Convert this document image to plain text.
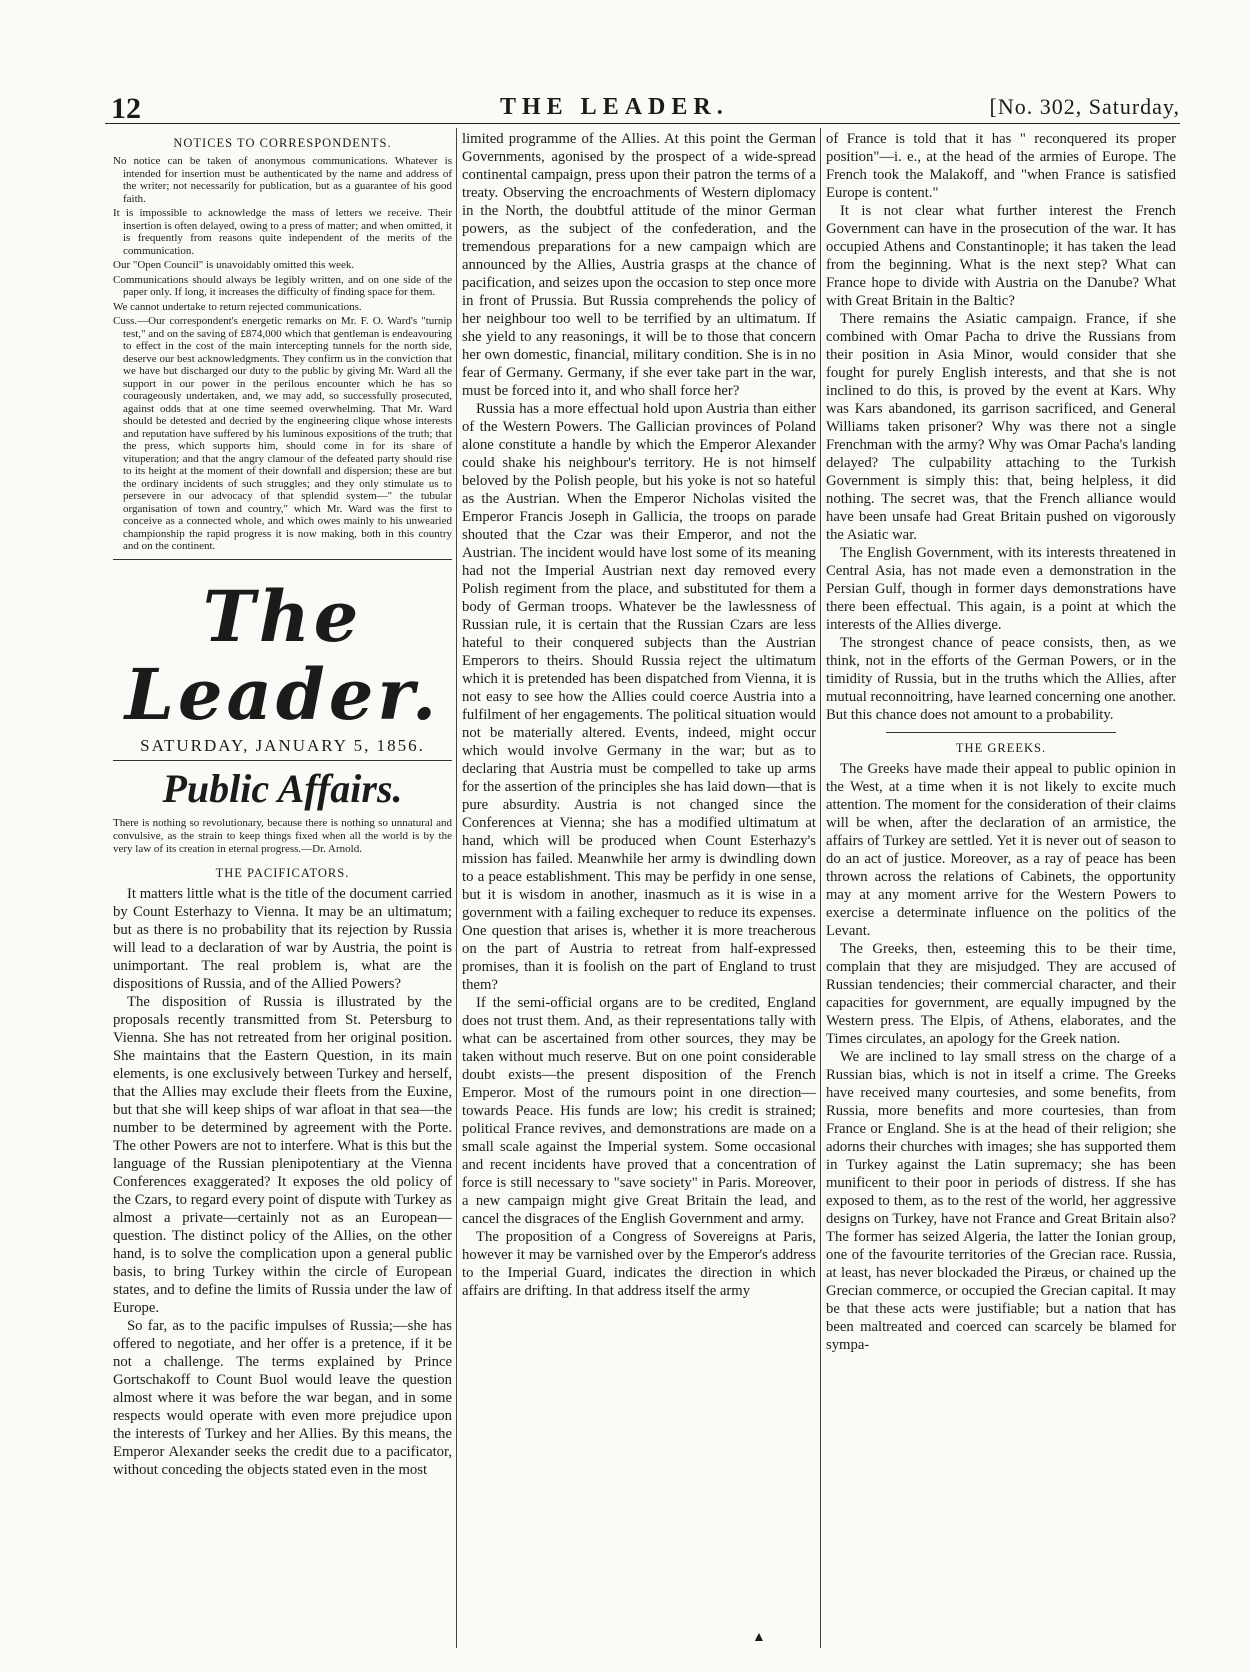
12	THE LEADER.	[No. 302, Saturday,
NOTICES TO CORRESPONDENTS.

No notice can be taken of anonymous communications. Whatever is intended for insertion must be authenticated by the name and address of the writer; not necessarily for publication, but as a guarantee of his good faith.

It is impossible to acknowledge the mass of letters we receive. Their insertion is often delayed, owing to a press of matter; and when omitted, it is frequently from reasons quite independent of the merits of the communication.

Our "Open Council" is unavoidably omitted this week.

Communications should always be legibly written, and on one side of the paper only. If long, it increases the difficulty of finding space for them.

We cannot undertake to return rejected communications.

Cuss.—Our correspondent's energetic remarks on Mr. F. O. Ward's "turnip test," and on the saving of £874,000 which that gentleman is endeavouring to effect in the cost of the main intercepting tunnels for the north side, deserve our best acknowledgments. They confirm us in the conviction that we have but discharged our duty to the public by giving Mr. Ward all the support in our power in the perilous encounter which he has so courageously undertaken, and, we may add, so successfully prosecuted, against odds that at one time seemed overwhelming. That Mr. Ward should be detested and decried by the engineering clique whose interests and reputation have suffered by his luminous expositions of the truth; that the press, which supports him, should come in for its share of vituperation; and that the angry clamour of the defeated party should rise to its height at the moment of their downfall and dispersion; these are but the ordinary incidents of such struggles; and they only stimulate us to persevere in our advocacy of that splendid system—" the tubular organisation of town and country," which Mr. Ward was the first to conceive as a connected whole, and which owes mainly to his unwearied championship the rapid progress it is now making, both in this country and on the continent.

The Leader.
SATURDAY, JANUARY 5, 1856.
Public Affairs.

There is nothing so revolutionary, because there is nothing so unnatural and convulsive, as the strain to keep things fixed when all the world is by the very law of its creation in eternal progress.—Dr. Arnold.

THE PACIFICATORS.

It matters little what is the title of the document carried by Count Esterhazy to Vienna. It may be an ultimatum; but as there is no probability that its rejection by Russia will lead to a declaration of war by Austria, the point is unimportant. The real problem is, what are the dispositions of Russia, and of the Allied Powers?

The disposition of Russia is illustrated by the proposals recently transmitted from St. Petersburg to Vienna. She has not retreated from her original position. She maintains that the Eastern Question, in its main elements, is one exclusively between Turkey and herself, that the Allies may exclude their fleets from the Euxine, but that she will keep ships of war afloat in that sea—the number to be determined by agreement with the Porte. The other Powers are not to interfere. What is this but the language of the Russian plenipotentiary at the Vienna Conferences exaggerated? It exposes the old policy of the Czars, to regard every point of dispute with Turkey as almost a private—certainly not as an European—question. The distinct policy of the Allies, on the other hand, is to solve the complication upon a general public basis, to bring Turkey within the circle of European states, and to define the limits of Russia under the law of Europe.

So far, as to the pacific impulses of Russia;—she has offered to negotiate, and her offer is a pretence, if it be not a challenge. The terms explained by Prince Gortschakoff to Count Buol would leave the question almost where it was before the war began, and in some respects would operate with even more prejudice upon the interests of Turkey and her Allies. By this means, the Emperor Alexander seeks the credit due to a pacificator, without conceding the objects stated even in the most

limited programme of the Allies. At this point the German Governments, agonised by the prospect of a wide-spread continental campaign, press upon their patron the terms of a treaty. Observing the encroachments of Western diplomacy in the North, the doubtful attitude of the minor German powers, as the subject of the confederation, and the tremendous preparations for a new campaign which are announced by the Allies, Austria grasps at the chance of pacification, and seizes upon the occasion to step once more in front of Prussia. But Russia comprehends the policy of her neighbour too well to be terrified by an ultimatum. If she yield to any reasonings, it will be to those that concern her own domestic, financial, military condition. She is in no fear of Germany. Germany, if she ever take part in the war, must be forced into it, and who shall force her?

Russia has a more effectual hold upon Austria than either of the Western Powers. The Gallician provinces of Poland alone constitute a handle by which the Emperor Alexander could shake his neighbour's territory. He is not himself beloved by the Polish people, but his yoke is not so hateful as the Austrian. When the Emperor Nicholas visited the Emperor Francis Joseph in Gallicia, the troops on parade shouted that the Czar was their Emperor, and not the Austrian. The incident would have lost some of its meaning had not the Imperial Austrian next day removed every Polish regiment from the place, and substituted for them a body of German troops. Whatever be the lawlessness of Russian rule, it is certain that the Russian Czars are less hateful to their conquered subjects than the Austrian Emperors to theirs. Should Russia reject the ultimatum which it is pretended has been dispatched from Vienna, it is not easy to see how the Allies could coerce Austria into a fulfilment of her engagements. The political situation would not be materially altered. Events, indeed, might occur which would involve Germany in the war; but as to declaring that Austria must be compelled to take up arms for the assertion of the principles she has laid down—that is pure absurdity. Austria is not changed since the Conferences at Vienna; she has a modified ultimatum at hand, which will be produced when Count Esterhazy's mission has failed. Meanwhile her army is dwindling down to a peace establishment. This may be perfidy in one sense, but it is wisdom in another, inasmuch as it is wise in a government with a failing exchequer to reduce its expenses. One question that arises is, whether it is more treacherous on the part of Austria to retreat from half-expressed promises, than it is foolish on the part of England to trust them?

If the semi-official organs are to be credited, England does not trust them. And, as their representations tally with what can be ascertained from other sources, they may be taken without much reserve. But on one point considerable doubt exists—the present disposition of the French Emperor. Most of the rumours point in one direction—towards Peace. His funds are low; his credit is strained; political France revives, and demonstrations are made on a small scale against the Imperial system. Some occasional and recent incidents have proved that a concentration of force is still necessary to "save society" in Paris. Moreover, a new campaign might give Great Britain the lead, and cancel the disgraces of the English Government and army.

The proposition of a Congress of Sovereigns at Paris, however it may be varnished over by the Emperor's address to the Imperial Guard, indicates the direction in which affairs are drifting. In that address itself the army

of France is told that it has " reconquered its proper position"—i. e., at the head of the armies of Europe. The French took the Malakoff, and "when France is satisfied Europe is content."

It is not clear what further interest the French Government can have in the prosecution of the war. It has occupied Athens and Constantinople; it has taken the lead from the beginning. What is the next step? What can France hope to divide with Austria on the Danube? What with Great Britain in the Baltic?

There remains the Asiatic campaign. France, if she combined with Omar Pacha to drive the Russians from their position in Asia Minor, would consider that she fought for purely English interests, and that she is not inclined to do this, is proved by the event at Kars. Why was Kars abandoned, its garrison sacrificed, and General Williams taken prisoner? Why was there not a single Frenchman with the army? Why was Omar Pacha's landing delayed? The culpability attaching to the Turkish Government is simply this: that, being helpless, it did nothing. The secret was, that the French alliance would have been unsafe had Great Britain pushed on vigorously the Asiatic war.

The English Government, with its interests threatened in Central Asia, has not made even a demonstration in the Persian Gulf, though in former days demonstrations have there been effectual. This again, is a point at which the interests of the Allies diverge.

The strongest chance of peace consists, then, as we think, not in the efforts of the German Powers, or in the timidity of Russia, but in the truths which the Allies, after mutual reconnoitring, have learned concerning one another. But this chance does not amount to a probability.

THE GREEKS.

The Greeks have made their appeal to public opinion in the West, at a time when it is not likely to excite much attention. The moment for the consideration of their claims will be when, after the declaration of an armistice, the affairs of Turkey are settled. Yet it is never out of season to do an act of justice. Moreover, as a ray of peace has been thrown across the relations of Cabinets, the opportunity may at any moment arrive for the Western Powers to exercise a determinate influence on the politics of the Levant.

The Greeks, then, esteeming this to be their time, complain that they are misjudged. They are accused of Russian tendencies; their commercial character, and their capacities for government, are equally impugned by the Western press. The Elpis, of Athens, elaborates, and the Times circulates, an apology for the Greek nation.

We are inclined to lay small stress on the charge of a Russian bias, which is not in itself a crime. The Greeks have received many courtesies, and some benefits, from Russia, more benefits and more courtesies, than from France or England. She is at the head of their religion; she adorns their churches with images; she has supported them in Turkey against the Latin supremacy; she has been munificent to their poor in periods of distress. If she has exposed to them, as to the rest of the world, her aggressive designs on Turkey, have not France and Great Britain also? The former has seized Algeria, the latter the Ionian group, one of the favourite territories of the Grecian race. Russia, at least, has never blockaded the Piræus, or chained up the Grecian commerce, or occupied the Grecian capital. It may be that these acts were justifiable; but a nation that has been maltreated and coerced can scarcely be blamed for sympa-

▲
